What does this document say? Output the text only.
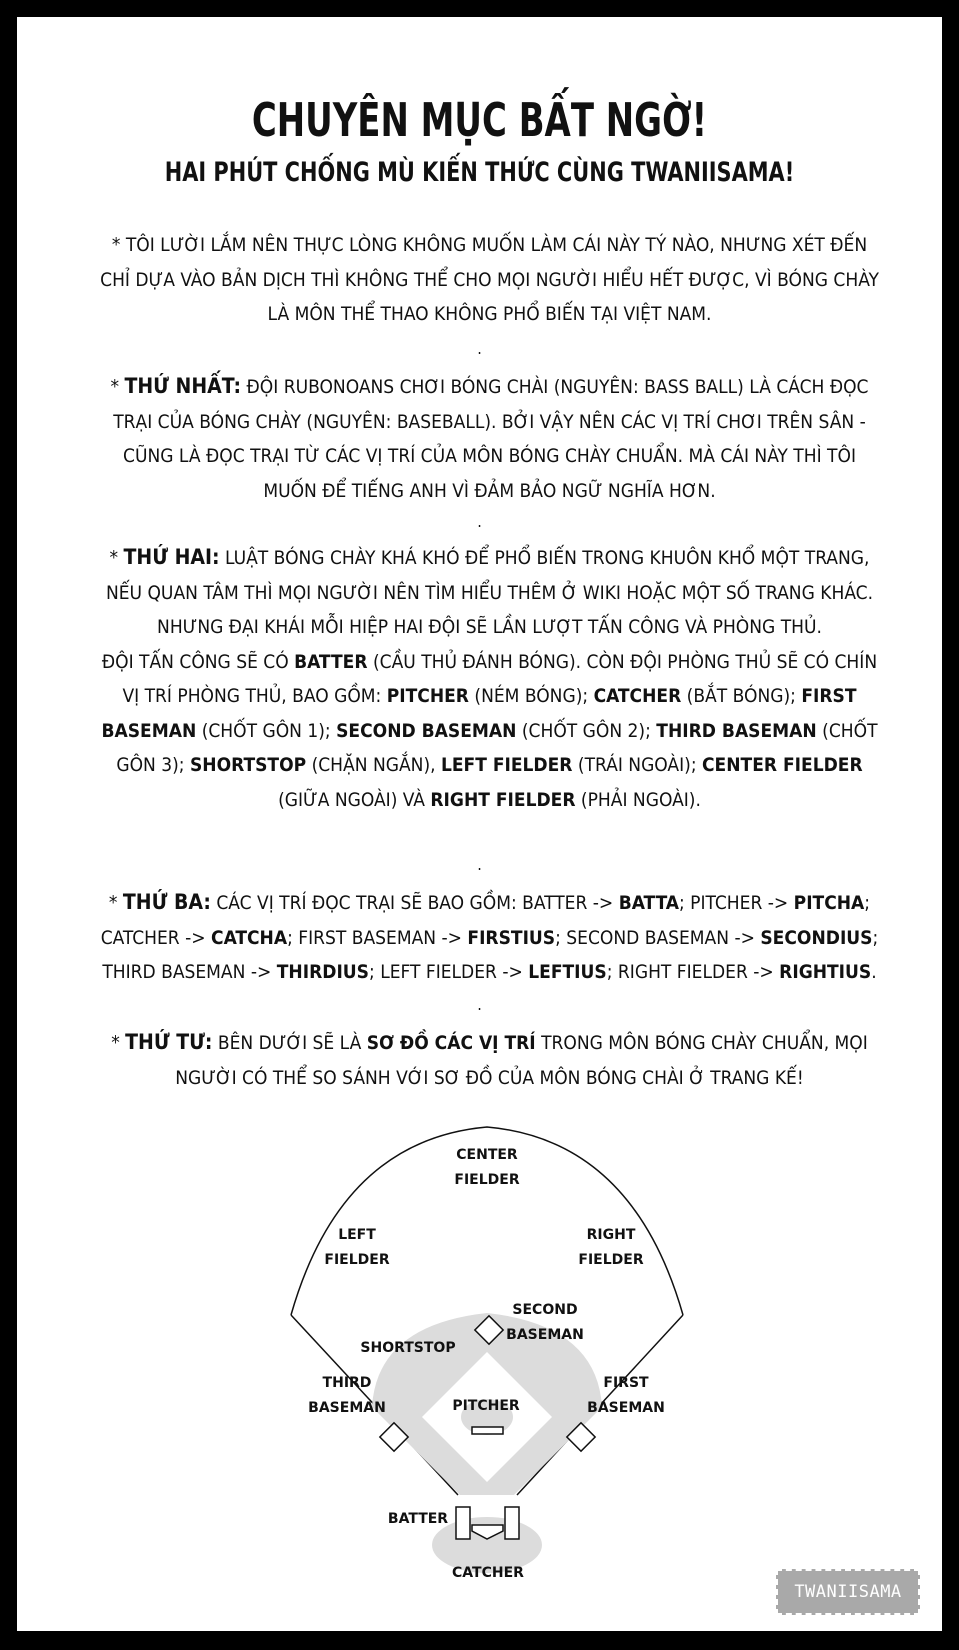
CHUYÊN MỤC BẤT NGỜ!
HAI PHÚT CHỐNG MÙ KIẾN THỨC CÙNG TWANIISAMA!
* TÔI LƯỜI LẮM NÊN THỰC LÒNG KHÔNG MUỐN LÀM CÁI NÀY TÝ NÀO, NHƯNG XÉT ĐẾN CHỈ DỰA VÀO BẢN DỊCH THÌ KHÔNG THỂ CHO MỌI NGƯỜI HIỂU HẾT ĐƯỢC, VÌ BÓNG CHÀY LÀ MÔN THỂ THAO KHÔNG PHỔ BIẾN TẠI VIỆT NAM.
.
* THỨ NHẤT: ĐỘI RUBONOANS CHƠI BÓNG CHÀI (NGUYÊN: BASS BALL) LÀ CÁCH ĐỌC TRẠI CỦA BÓNG CHÀY (NGUYÊN: BASEBALL). BỞI VẬY NÊN CÁC VỊ TRÍ CHƠI TRÊN SÂN - CŨNG LÀ ĐỌC TRẠI TỪ CÁC VỊ TRÍ CỦA MÔN BÓNG CHÀY CHUẨN. MÀ CÁI NÀY THÌ TÔI MUỐN ĐỂ TIẾNG ANH VÌ ĐẢM BẢO NGỮ NGHĨA HƠN.
.
* THỨ HAI: LUẬT BÓNG CHÀY KHÁ KHÓ ĐỂ PHỔ BIẾN TRONG KHUÔN KHỔ MỘT TRANG, NẾU QUAN TÂM THÌ MỌI NGƯỜI NÊN TÌM HIỂU THÊM Ở WIKI HOẶC MỘT SỐ TRANG KHÁC. NHƯNG ĐẠI KHÁI MỖI HIỆP HAI ĐỘI SẼ LẦN LƯỢT TẤN CÔNG VÀ PHÒNG THỦ.
ĐỘI TẤN CÔNG SẼ CÓ BATTER (CẦU THỦ ĐÁNH BÓNG). CÒN ĐỘI PHÒNG THỦ SẼ CÓ CHÍN VỊ TRÍ PHÒNG THỦ, BAO GỒM: PITCHER (NÉM BÓNG); CATCHER (BẮT BÓNG); FIRST BASEMAN (CHỐT GÔN 1); SECOND BASEMAN (CHỐT GÔN 2); THIRD BASEMAN (CHỐT GÔN 3); SHORTSTOP (CHẶN NGẮN), LEFT FIELDER (TRÁI NGOÀI); CENTER FIELDER (GIỮA NGOÀI) VÀ RIGHT FIELDER (PHẢI NGOÀI).
.
* THỨ BA: CÁC VỊ TRÍ ĐỌC TRẠI SẼ BAO GỒM: BATTER -> BATTA; PITCHER -> PITCHA; CATCHER -> CATCHA; FIRST BASEMAN -> FIRSTIUS; SECOND BASEMAN -> SECONDIUS; THIRD BASEMAN -> THIRDIUS; LEFT FIELDER -> LEFTIUS; RIGHT FIELDER -> RIGHTIUS.
.
* THỨ TƯ: BÊN DƯỚI SẼ LÀ SƠ ĐỒ CÁC VỊ TRÍ TRONG MÔN BÓNG CHÀY CHUẨN, MỌI NGƯỜI CÓ THỂ SO SÁNH VỚI SƠ ĐỒ CỦA MÔN BÓNG CHÀI Ở TRANG KẾ!
CENTER
FIELDER
LEFT
FIELDER
RIGHT
FIELDER
SECOND
BASEMAN
SHORTSTOP
THIRD
BASEMAN
FIRST
BASEMAN
PITCHER
BATTER
CATCHER
TWANIISAMA
